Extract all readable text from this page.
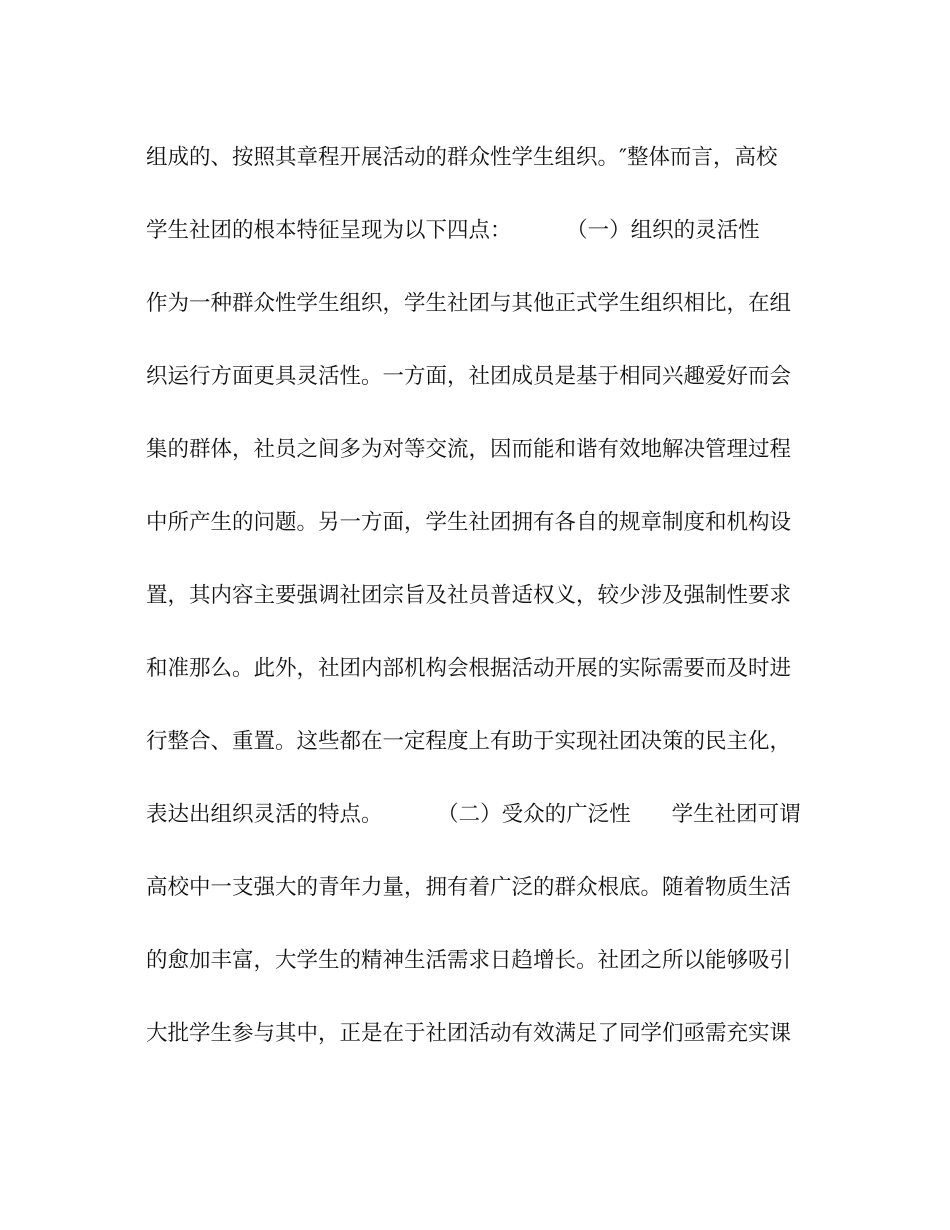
组成的、按照其章程开展活动的群众性学生组织。″整体而言，高校
学生社团的根本特征呈现为以下四点：        （一）组织的灵活性
作为一种群众性学生组织，学生社团与其他正式学生组织相比，在组
织运行方面更具灵活性。一方面，社团成员是基于相同兴趣爱好而会
集的群体，社员之间多为对等交流，因而能和谐有效地解决管理过程
中所产生的问题。另一方面，学生社团拥有各自的规章制度和机构设
置，其内容主要强调社团宗旨及社员普适权义，较少涉及强制性要求
和准那么。此外，社团内部机构会根据活动开展的实际需要而及时进
行整合、重置。这些都在一定程度上有助于实现社团决策的民主化，
表达出组织灵活的特点。        （二）受众的广泛性      学生社团可谓
高校中一支强大的青年力量，拥有着广泛的群众根底。随着物质生活
的愈加丰富，大学生的精神生活需求日趋增长。社团之所以能够吸引
大批学生参与其中，正是在于社团活动有效满足了同学们亟需充实课
